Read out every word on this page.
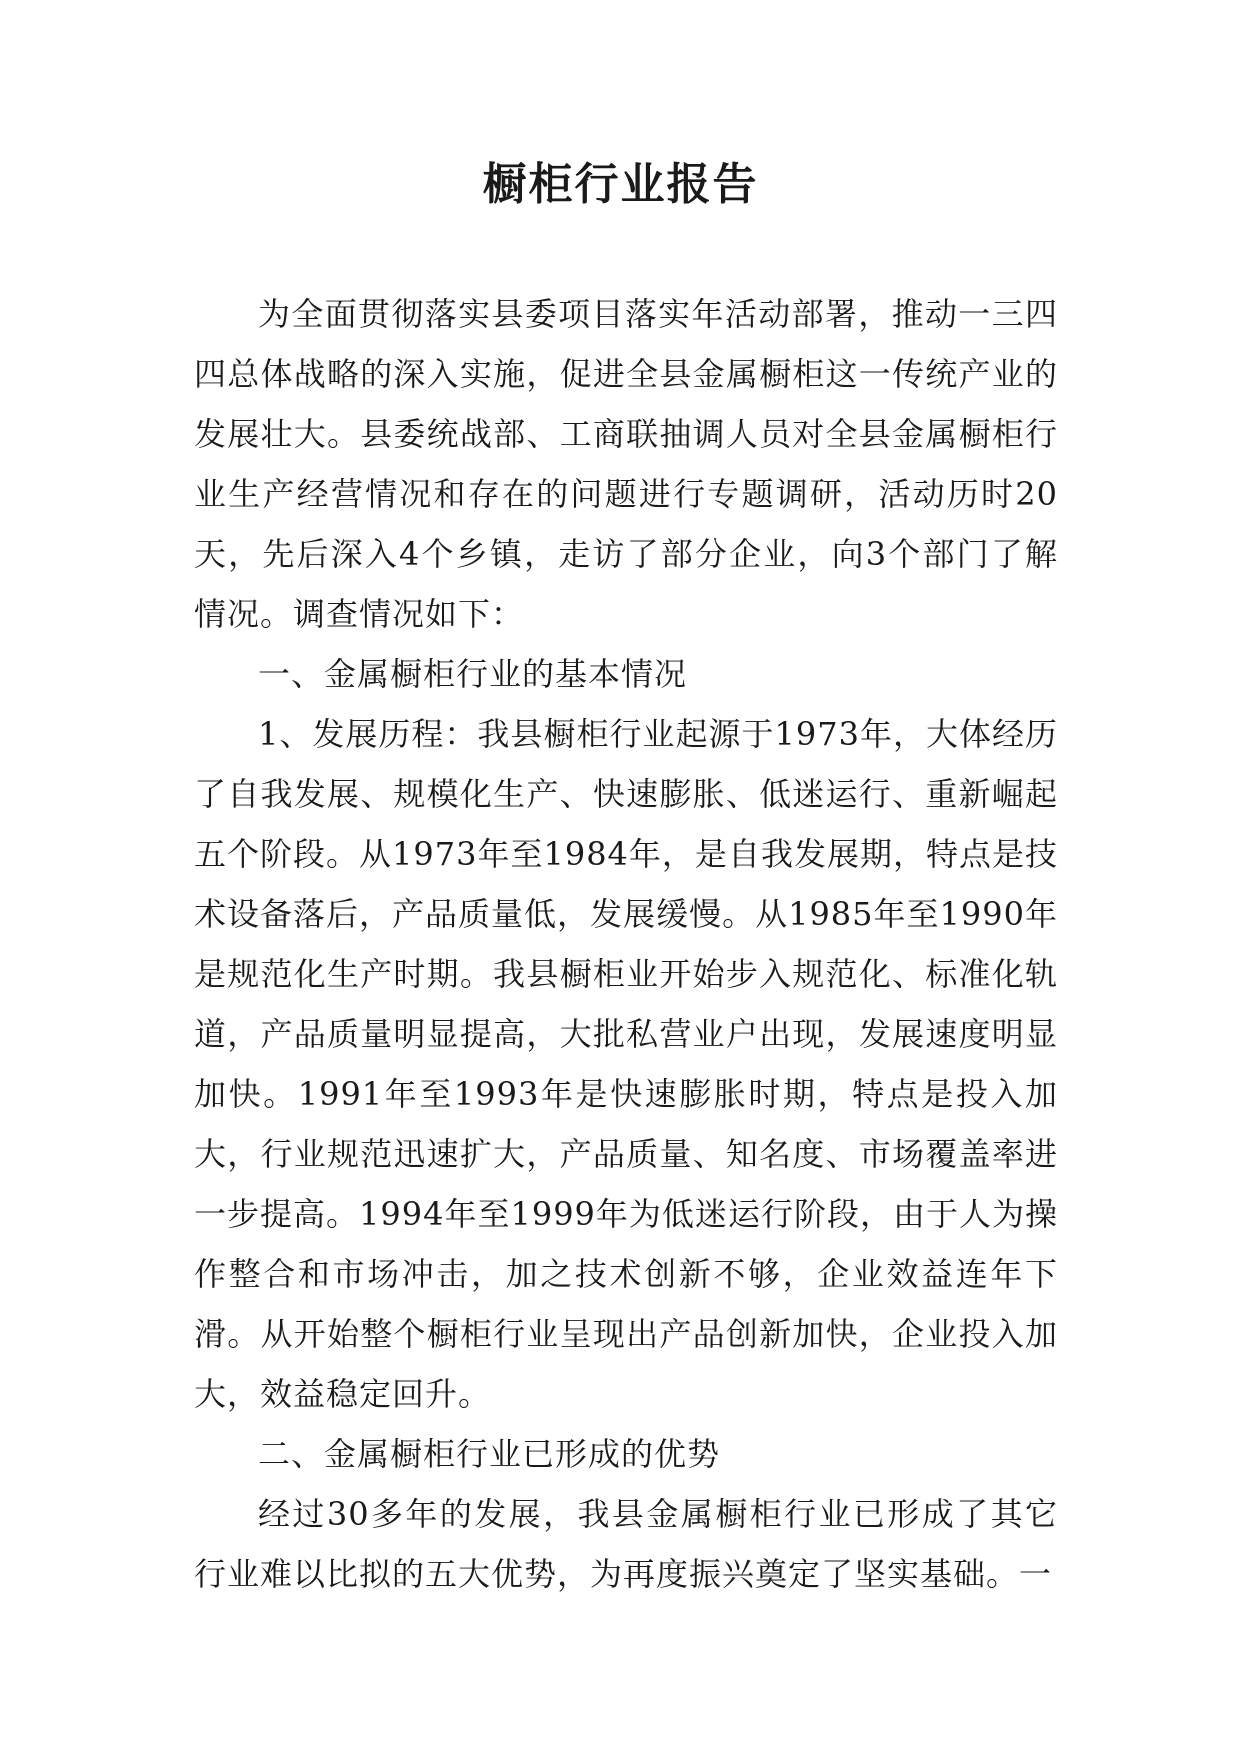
橱柜行业报告

为全面贯彻落实县委项目落实年活动部署，推动一三四四总体战略的深入实施，促进全县金属橱柜这一传统产业的发展壮大。县委统战部、工商联抽调人员对全县金属橱柜行业生产经营情况和存在的问题进行专题调研，活动历时20天，先后深入4个乡镇，走访了部分企业，向3个部门了解情况。调查情况如下：

一、金属橱柜行业的基本情况

1、发展历程：我县橱柜行业起源于1973年，大体经历了自我发展、规模化生产、快速膨胀、低迷运行、重新崛起五个阶段。从1973年至1984年，是自我发展期，特点是技术设备落后，产品质量低，发展缓慢。从1985年至1990年是规范化生产时期。我县橱柜业开始步入规范化、标准化轨道，产品质量明显提高，大批私营业户出现，发展速度明显加快。1991年至1993年是快速膨胀时期，特点是投入加大，行业规范迅速扩大，产品质量、知名度、市场覆盖率进一步提高。1994年至1999年为低迷运行阶段，由于人为操作整合和市场冲击，加之技术创新不够，企业效益连年下滑。从开始整个橱柜行业呈现出产品创新加快，企业投入加大，效益稳定回升。

二、金属橱柜行业已形成的优势

经过30多年的发展，我县金属橱柜行业已形成了其它行业难以比拟的五大优势，为再度振兴奠定了坚实基础。一
